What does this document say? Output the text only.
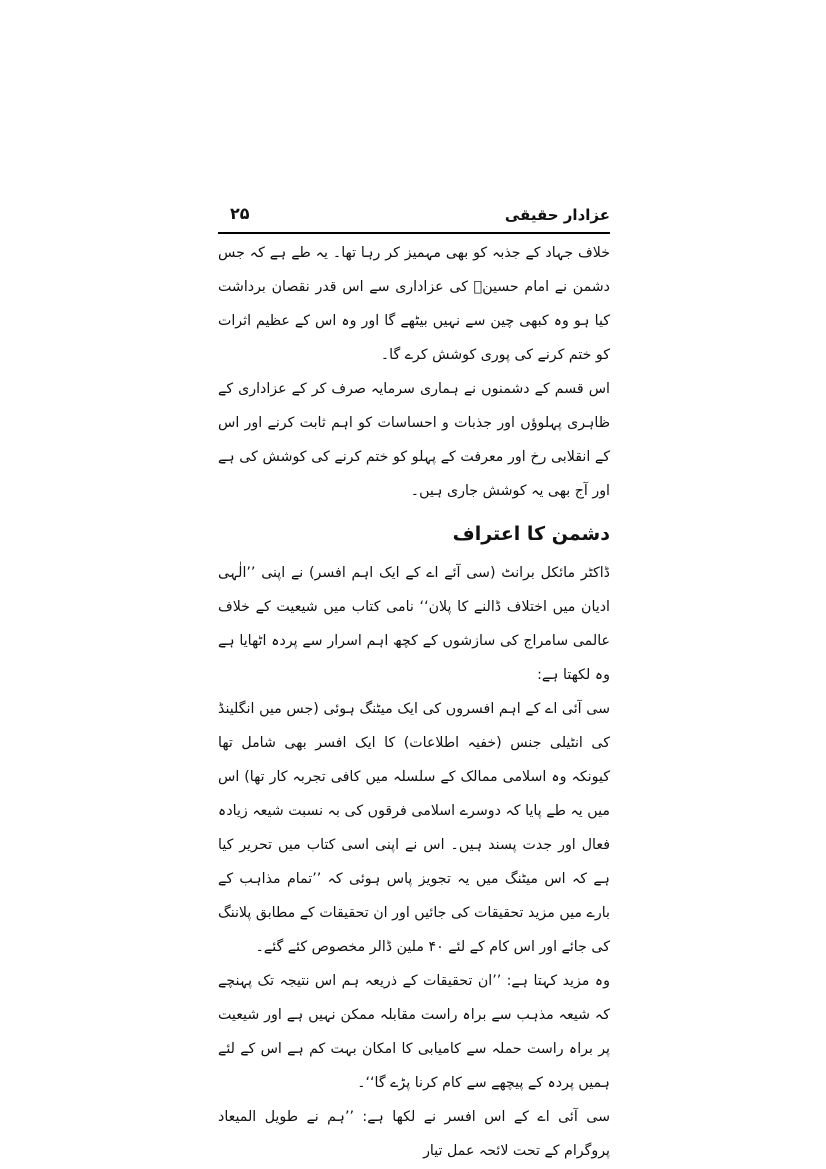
عزادار حقیقی
۲۵

خلاف جہاد کے جذبہ کو بھی مہمیز کر رہا تھا۔ یہ طے ہے کہ جس دشمن نے امام حسینؑ کی عزاداری سے اس قدر نقصان برداشت کیا ہو وہ کبھی چین سے نہیں بیٹھے گا اور وہ اس کے عظیم اثرات کو ختم کرنے کی پوری کوشش کرے گا۔

اس قسم کے دشمنوں نے ہماری سرمایہ صرف کر کے عزاداری کے ظاہری پہلوؤں اور جذبات و احساسات کو اہم ثابت کرنے اور اس کے انقلابی رخ اور معرفت کے پہلو کو ختم کرنے کی کوشش کی ہے اور آج بھی یہ کوشش جاری ہیں۔

دشمن کا اعتراف

ڈاکٹر مائکل برانٹ (سی آئے اے کے ایک اہم افسر) نے اپنی ’’الٰہی ادیان میں اختلاف ڈالنے کا پلان‘‘ نامی کتاب میں شیعیت کے خلاف عالمی سامراج کی سازشوں کے کچھ اہم اسرار سے پردہ اٹھایا ہے وہ لکھتا ہے:

سی آئی اے کے اہم افسروں کی ایک میٹنگ ہوئی (جس میں انگلینڈ کی انٹیلی جنس (خفیہ اطلاعات) کا ایک افسر بھی شامل تھا کیونکہ وہ اسلامی ممالک کے سلسلہ میں کافی تجربہ کار تھا) اس میں یہ طے پایا کہ دوسرے اسلامی فرقوں کی بہ نسبت شیعہ زیادہ فعال اور جدت پسند ہیں۔ اس نے اپنی اسی کتاب میں تحریر کیا ہے کہ اس میٹنگ میں یہ تجویز پاس ہوئی کہ ’’تمام مذاہب کے بارے میں مزید تحقیقات کی جائیں اور ان تحقیقات کے مطابق پلاننگ کی جائے اور اس کام کے لئے ۴۰ ملین ڈالر مخصوص کئے گئے۔

وہ مزید کہتا ہے: ’’ان تحقیقات کے ذریعہ ہم اس نتیجہ تک پہنچے کہ شیعہ مذہب سے براہ راست مقابلہ ممکن نہیں ہے اور شیعیت پر براہ راست حملہ سے کامیابی کا امکان بہت کم ہے اس کے لئے ہمیں پردہ کے پیچھے سے کام کرنا پڑے گا‘‘۔

سی آئی اے کے اس افسر نے لکھا ہے: ’’ہم نے طویل المیعاد پروگرام کے تحت لائحہ عمل تیار
